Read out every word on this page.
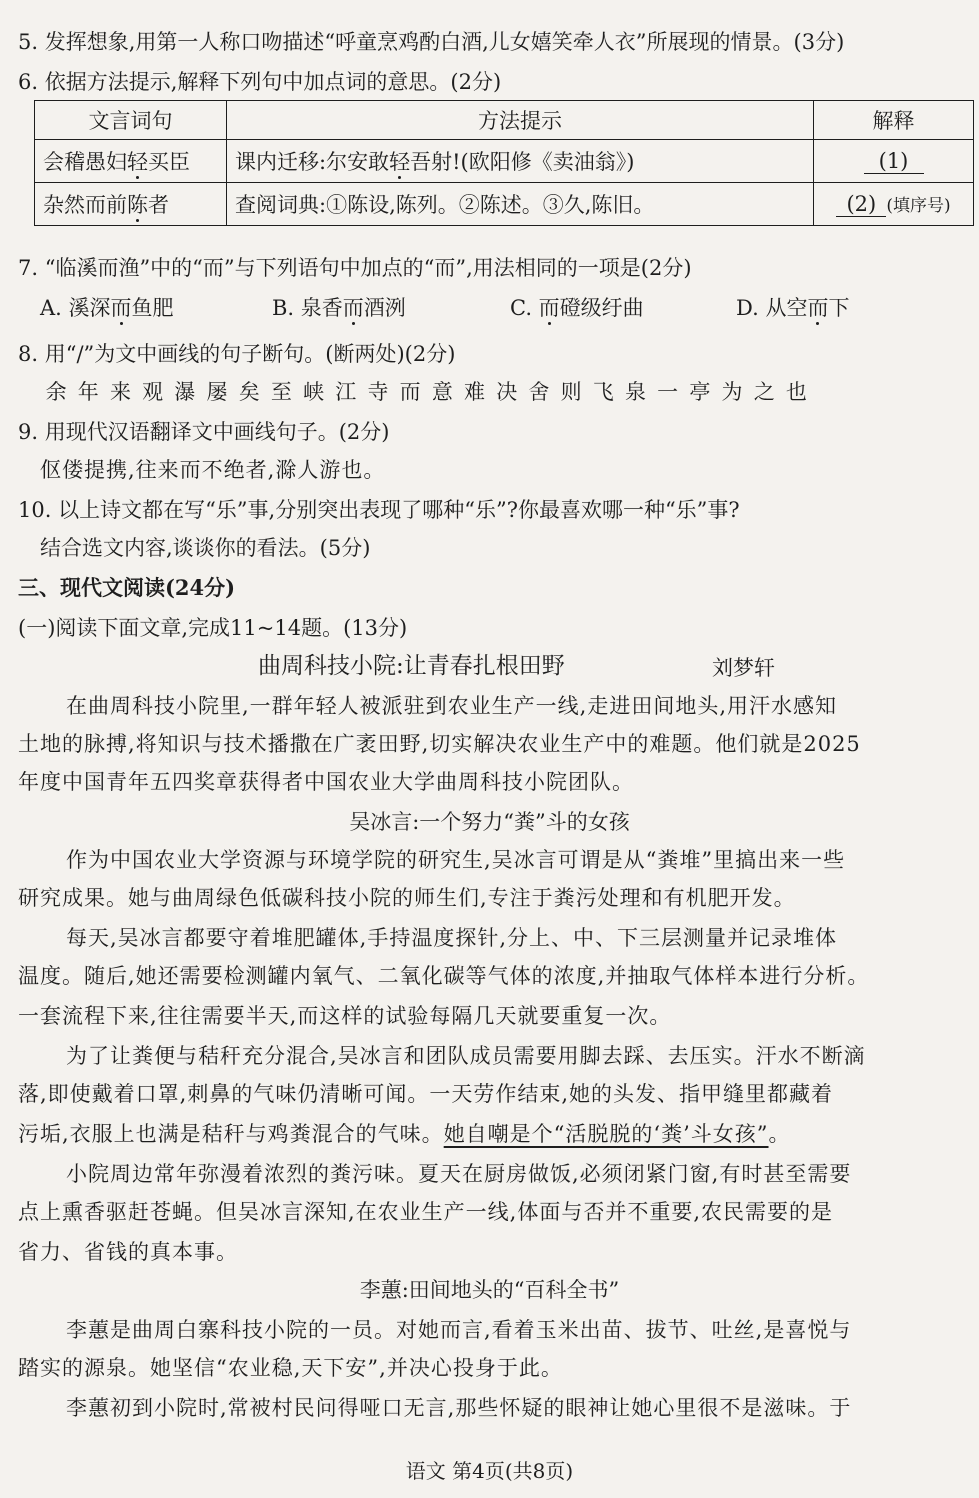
5. 发挥想象,用第一人称口吻描述“呼童烹鸡酌白酒,儿女嬉笑牵人衣”所展现的情景。(3分)
6. 依据方法提示,解释下列句中加点词的意思。(2分)
文言词句	方法提示	解释
会稽愚妇轻买臣	课内迁移:尔安敢轻吾射!(欧阳修《卖油翁》)	(1)
杂然而前陈者	查阅词典:①陈设,陈列。②陈述。③久,陈旧。	(2) (填序号)
7. “临溪而渔”中的“而”与下列语句中加点的“而”,用法相同的一项是(2分)
A. 溪深而鱼肥	B. 泉香而酒洌	C. 而磴级纡曲	D. 从空而下
8. 用“/”为文中画线的句子断句。(断两处)(2分)
余 年 来 观 瀑 屡 矣 至 峡 江 寺 而 意 难 决 舍 则 飞 泉 一 亭 为 之 也
9. 用现代汉语翻译文中画线句子。(2分)
伛偻提携,往来而不绝者,滁人游也。
10. 以上诗文都在写“乐”事,分别突出表现了哪种“乐”?你最喜欢哪一种“乐”事?
结合选文内容,谈谈你的看法。(5分)
三、现代文阅读(24分)
(一)阅读下面文章,完成11~14题。(13分)
曲周科技小院:让青春扎根田野	刘梦轩
在曲周科技小院里,一群年轻人被派驻到农业生产一线,走进田间地头,用汗水感知
土地的脉搏,将知识与技术播撒在广袤田野,切实解决农业生产中的难题。他们就是2025
年度中国青年五四奖章获得者中国农业大学曲周科技小院团队。
吴冰言:一个努力“粪”斗的女孩
作为中国农业大学资源与环境学院的研究生,吴冰言可谓是从“粪堆”里搞出来一些
研究成果。她与曲周绿色低碳科技小院的师生们,专注于粪污处理和有机肥开发。
每天,吴冰言都要守着堆肥罐体,手持温度探针,分上、中、下三层测量并记录堆体
温度。随后,她还需要检测罐内氧气、二氧化碳等气体的浓度,并抽取气体样本进行分析。
一套流程下来,往往需要半天,而这样的试验每隔几天就要重复一次。
为了让粪便与秸秆充分混合,吴冰言和团队成员需要用脚去踩、去压实。汗水不断滴
落,即使戴着口罩,刺鼻的气味仍清晰可闻。一天劳作结束,她的头发、指甲缝里都藏着
污垢,衣服上也满是秸秆与鸡粪混合的气味。她自嘲是个“活脱脱的‘粪’斗女孩”。
小院周边常年弥漫着浓烈的粪污味。夏天在厨房做饭,必须闭紧门窗,有时甚至需要
点上熏香驱赶苍蝇。但吴冰言深知,在农业生产一线,体面与否并不重要,农民需要的是
省力、省钱的真本事。
李蕙:田间地头的“百科全书”
李蕙是曲周白寨科技小院的一员。对她而言,看着玉米出苗、拔节、吐丝,是喜悦与
踏实的源泉。她坚信“农业稳,天下安”,并决心投身于此。
李蕙初到小院时,常被村民问得哑口无言,那些怀疑的眼神让她心里很不是滋味。于
语文 第4页(共8页)
